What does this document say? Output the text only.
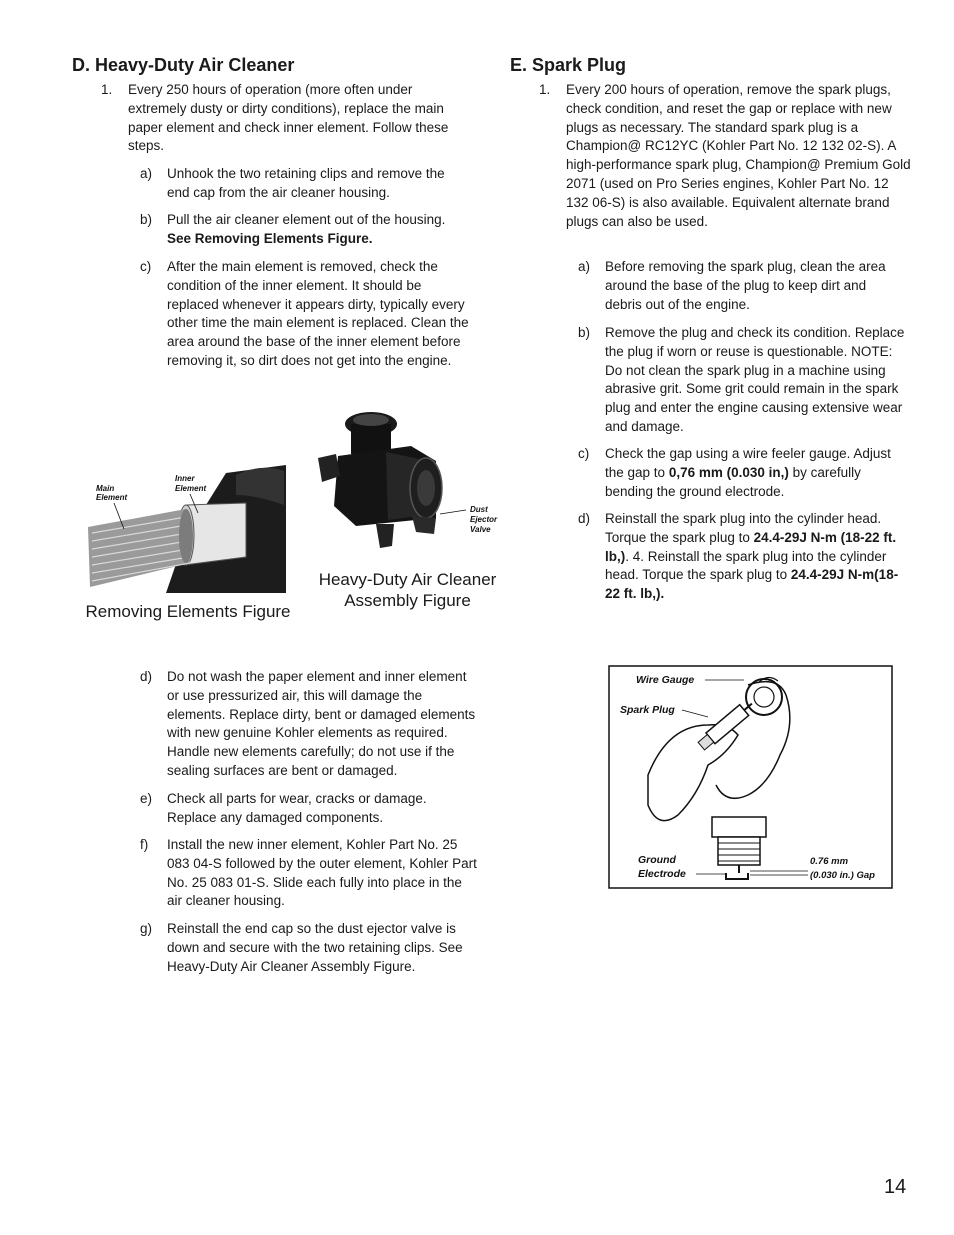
D. Heavy-Duty Air Cleaner
1. Every 250 hours of operation (more often under extremely dusty or dirty conditions), replace the main paper element and check inner element. Follow these steps.
a) Unhook the two retaining clips and remove the end cap from the air cleaner housing.
b) Pull the air cleaner element out of the housing.
See Removing Elements Figure.
c) After the main element is removed, check the condition of the inner element. It should be replaced whenever it appears dirty, typically every other time the main element is replaced. Clean the area around the base of the inner element before removing it, so dirt does not get into the engine.
Main
Element
Inner
Element
Removing Elements Figure
Dust
Ejector
Valve
Heavy-Duty Air Cleaner
Assembly Figure
d) Do not wash the paper element and inner element or use pressurized air, this will damage the elements. Replace dirty, bent or damaged elements with new genuine Kohler elements as required. Handle new elements carefully; do not use if the sealing surfaces are bent or damaged.
e) Check all parts for wear, cracks or damage. Replace any damaged components.
f) Install the new inner element, Kohler Part No. 25 083 04-S followed by the outer element, Kohler Part No. 25 083 01-S. Slide each fully into place in the air cleaner housing.
g) Reinstall the end cap so the dust ejector valve is down and secure with the two retaining clips. See Heavy-Duty Air Cleaner Assembly Figure.
E. Spark Plug
1. Every 200 hours of operation, remove the spark plugs, check condition, and reset the gap or replace with new plugs as necessary. The standard spark plug is a Champion@ RC12YC (Kohler Part No. 12 132 02-S). A high-performance spark plug, Champion@ Premium Gold 2071 (used on Pro Series engines, Kohler Part No. 12 132 06-S) is also available. Equivalent alternate brand plugs can also be used.
a) Before removing the spark plug, clean the area around the base of the plug to keep dirt and debris out of the engine.
b) Remove the plug and check its condition. Replace the plug if worn or reuse is questionable. NOTE: Do not clean the spark plug in a machine using abrasive grit. Some grit could remain in the spark plug and enter the engine causing extensive wear and damage.
c) Check the gap using a wire feeler gauge. Adjust the gap to 0,76 mm (0.030 in,) by carefully bending the ground electrode.
d) Reinstall the spark plug into the cylinder head. Torque the spark plug to 24.4-29J N-m (18-22 ft. lb,). 4. Reinstall the spark plug into the cylinder head. Torque the spark plug to 24.4-29J N-m(18-22 ft. lb,).
Wire Gauge
Spark Plug
Ground
Electrode
0.76 mm
(0.030 in.) Gap
14
